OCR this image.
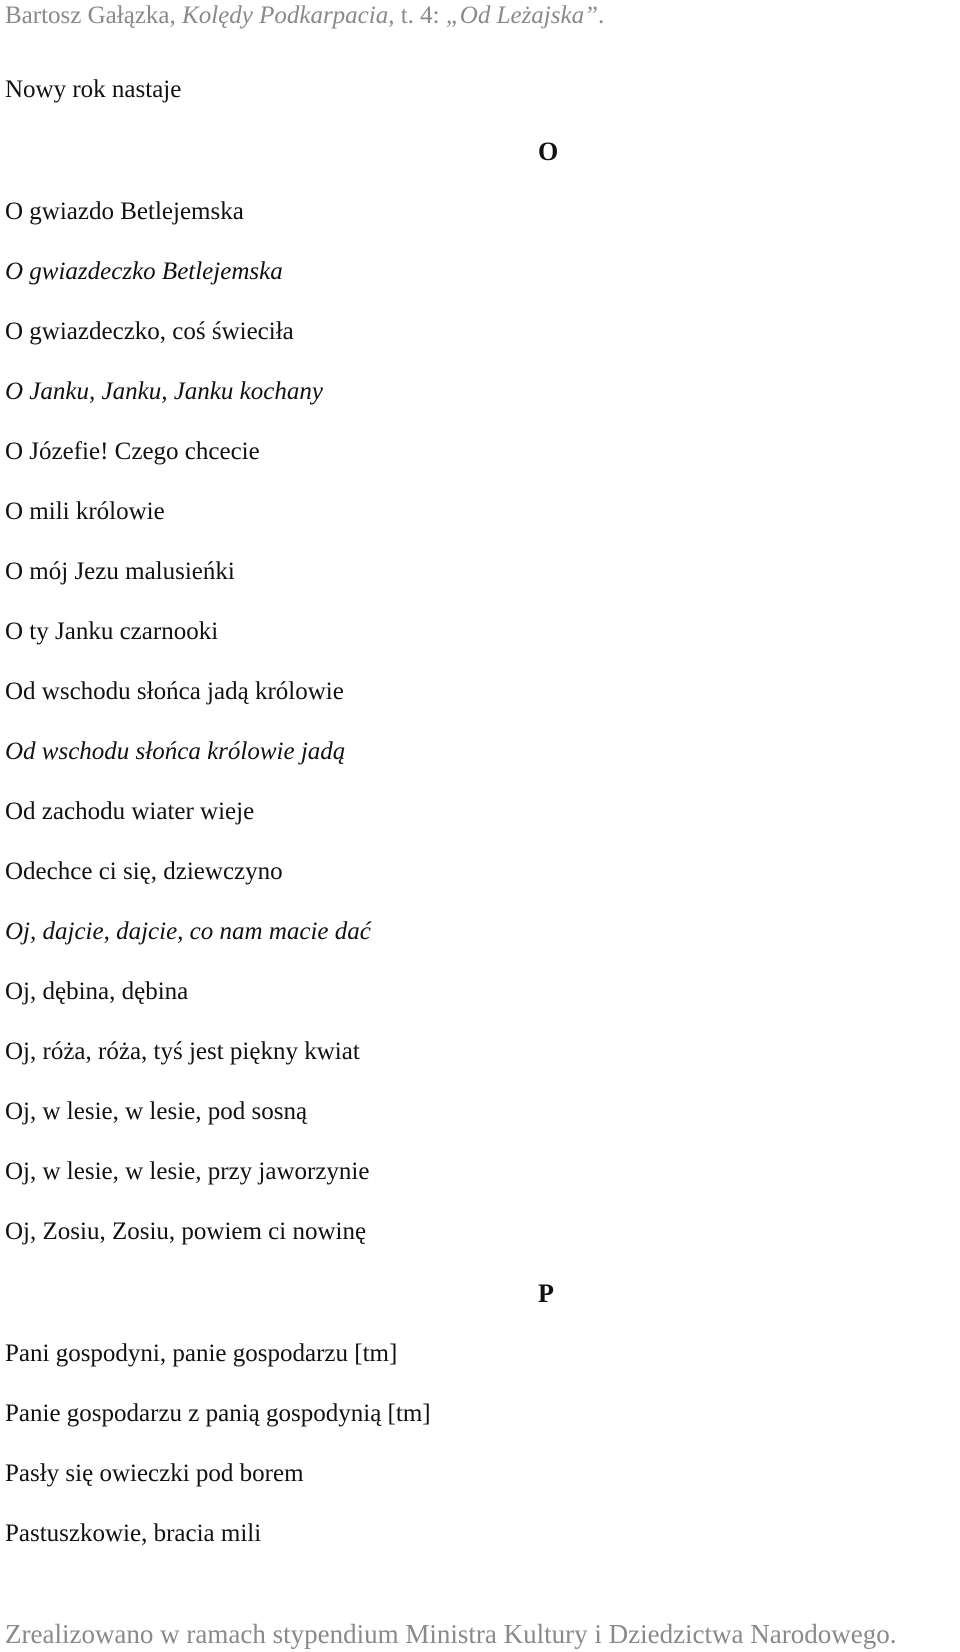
Bartosz Gałązka, Kolędy Podkarpacia, t. 4: „Od Leżajska”.
Nowy rok nastaje
O
O gwiazdo Betlejemska
O gwiazdeczko Betlejemska
O gwiazdeczko, coś świeciła
O Janku, Janku, Janku kochany
O Józefie! Czego chcecie
O mili królowie
O mój Jezu malusieńki
O ty Janku czarnooki
Od wschodu słońca jadą królowie
Od wschodu słońca królowie jadą
Od zachodu wiater wieje
Odechce ci się, dziewczyno
Oj, dajcie, dajcie, co nam macie dać
Oj, dębina, dębina
Oj, róża, róża, tyś jest piękny kwiat
Oj, w lesie, w lesie, pod sosną
Oj, w lesie, w lesie, przy jaworzynie
Oj, Zosiu, Zosiu, powiem ci nowinę
P
Pani gospodyni, panie gospodarzu [tm]
Panie gospodarzu z panią gospodynią [tm]
Pasły się owieczki pod borem
Pastuszkowie, bracia mili
Zrealizowano w ramach stypendium Ministra Kultury i Dziedzictwa Narodowego.
